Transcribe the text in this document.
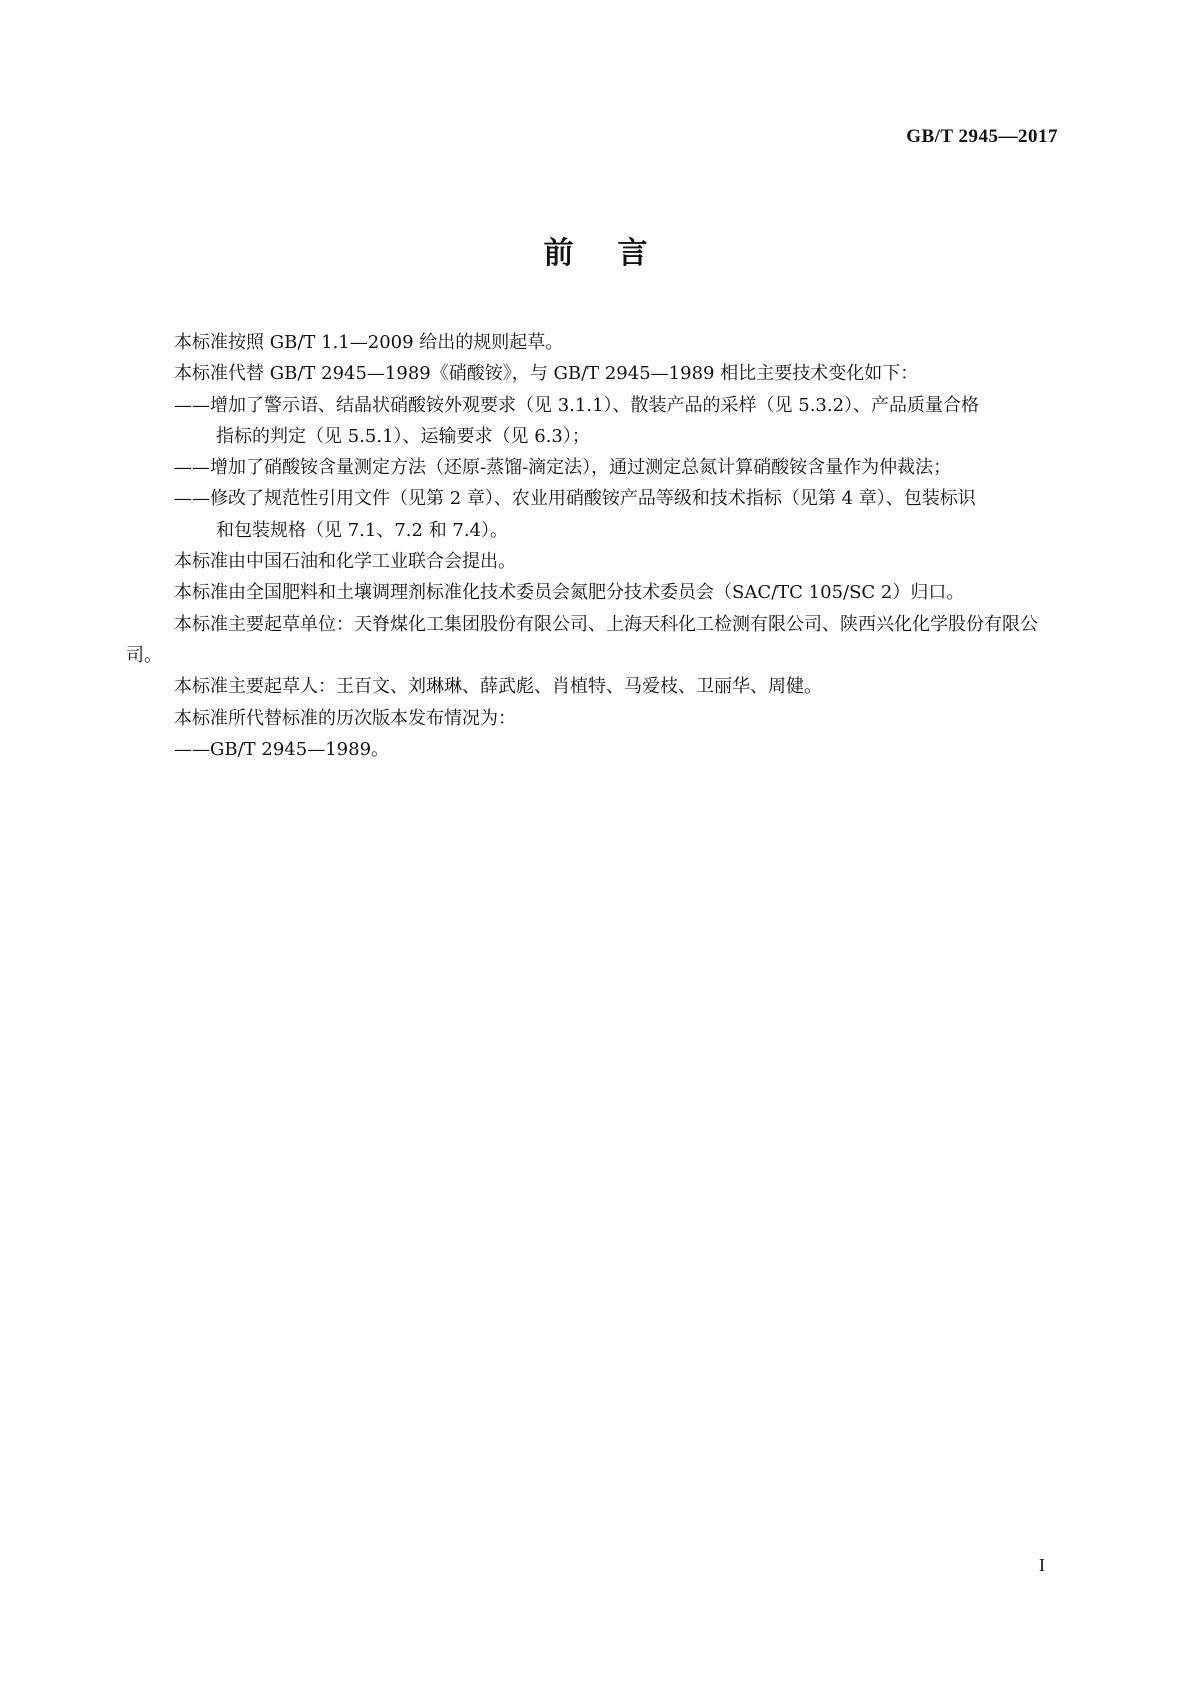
GB/T 2945—2017
前言

本标准按照 GB/T 1.1—2009 给出的规则起草。

本标准代替 GB/T 2945—1989《硝酸铵》，与 GB/T 2945—1989 相比主要技术变化如下：

——增加了警示语、结晶状硝酸铵外观要求（见 3.1.1）、散装产品的采样（见 5.3.2）、产品质量合格
指标的判定（见 5.5.1）、运输要求（见 6.3）；

——增加了硝酸铵含量测定方法（还原-蒸馏-滴定法），通过测定总氮计算硝酸铵含量作为仲裁法；

——修改了规范性引用文件（见第 2 章）、农业用硝酸铵产品等级和技术指标（见第 4 章）、包装标识
和包装规格（见 7.1、7.2 和 7.4）。

本标准由中国石油和化学工业联合会提出。

本标准由全国肥料和土壤调理剂标准化技术委员会氮肥分技术委员会（SAC/TC 105/SC 2）归口。

本标准主要起草单位：天脊煤化工集团股份有限公司、上海天科化工检测有限公司、陕西兴化化学股份有限公司。

本标准主要起草人：王百文、刘琳琳、薛武彪、肖植特、马爱枝、卫丽华、周健。

本标准所代替标准的历次版本发布情况为：

——GB/T 2945—1989。

I
